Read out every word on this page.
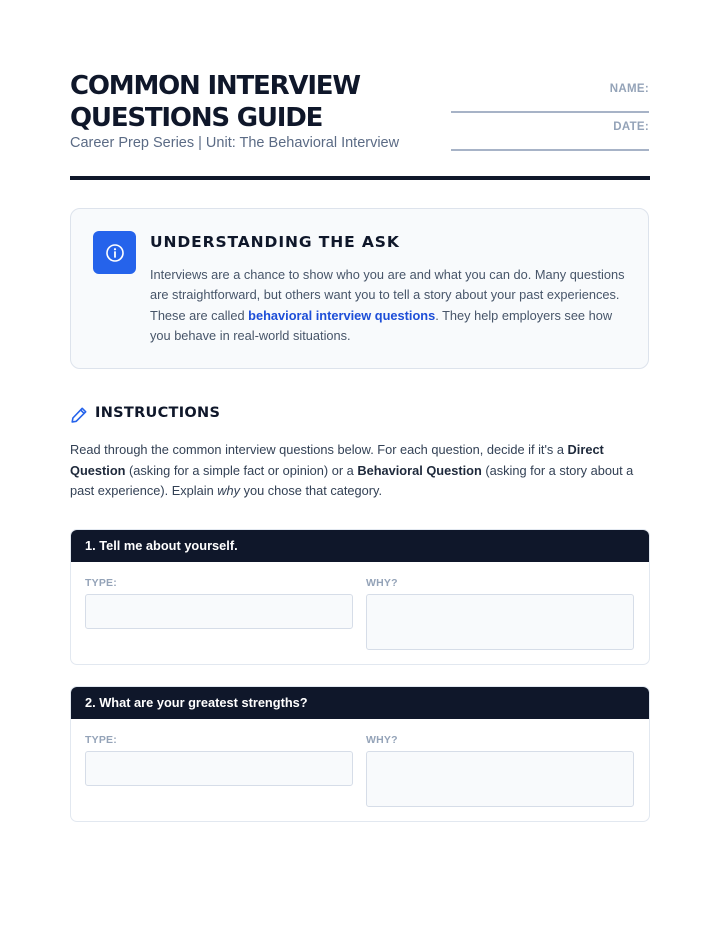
COMMON INTERVIEW QUESTIONS GUIDE
Career Prep Series | Unit: The Behavioral Interview
NAME:
DATE:
UNDERSTANDING THE ASK
Interviews are a chance to show who you are and what you can do. Many questions are straightforward, but others want you to tell a story about your past experiences. These are called behavioral interview questions. They help employers see how you behave in real-world situations.
INSTRUCTIONS
Read through the common interview questions below. For each question, decide if it's a Direct Question (asking for a simple fact or opinion) or a Behavioral Question (asking for a story about a past experience). Explain why you chose that category.
1. Tell me about yourself.
TYPE:	WHY?
2. What are your greatest strengths?
TYPE:	WHY?
